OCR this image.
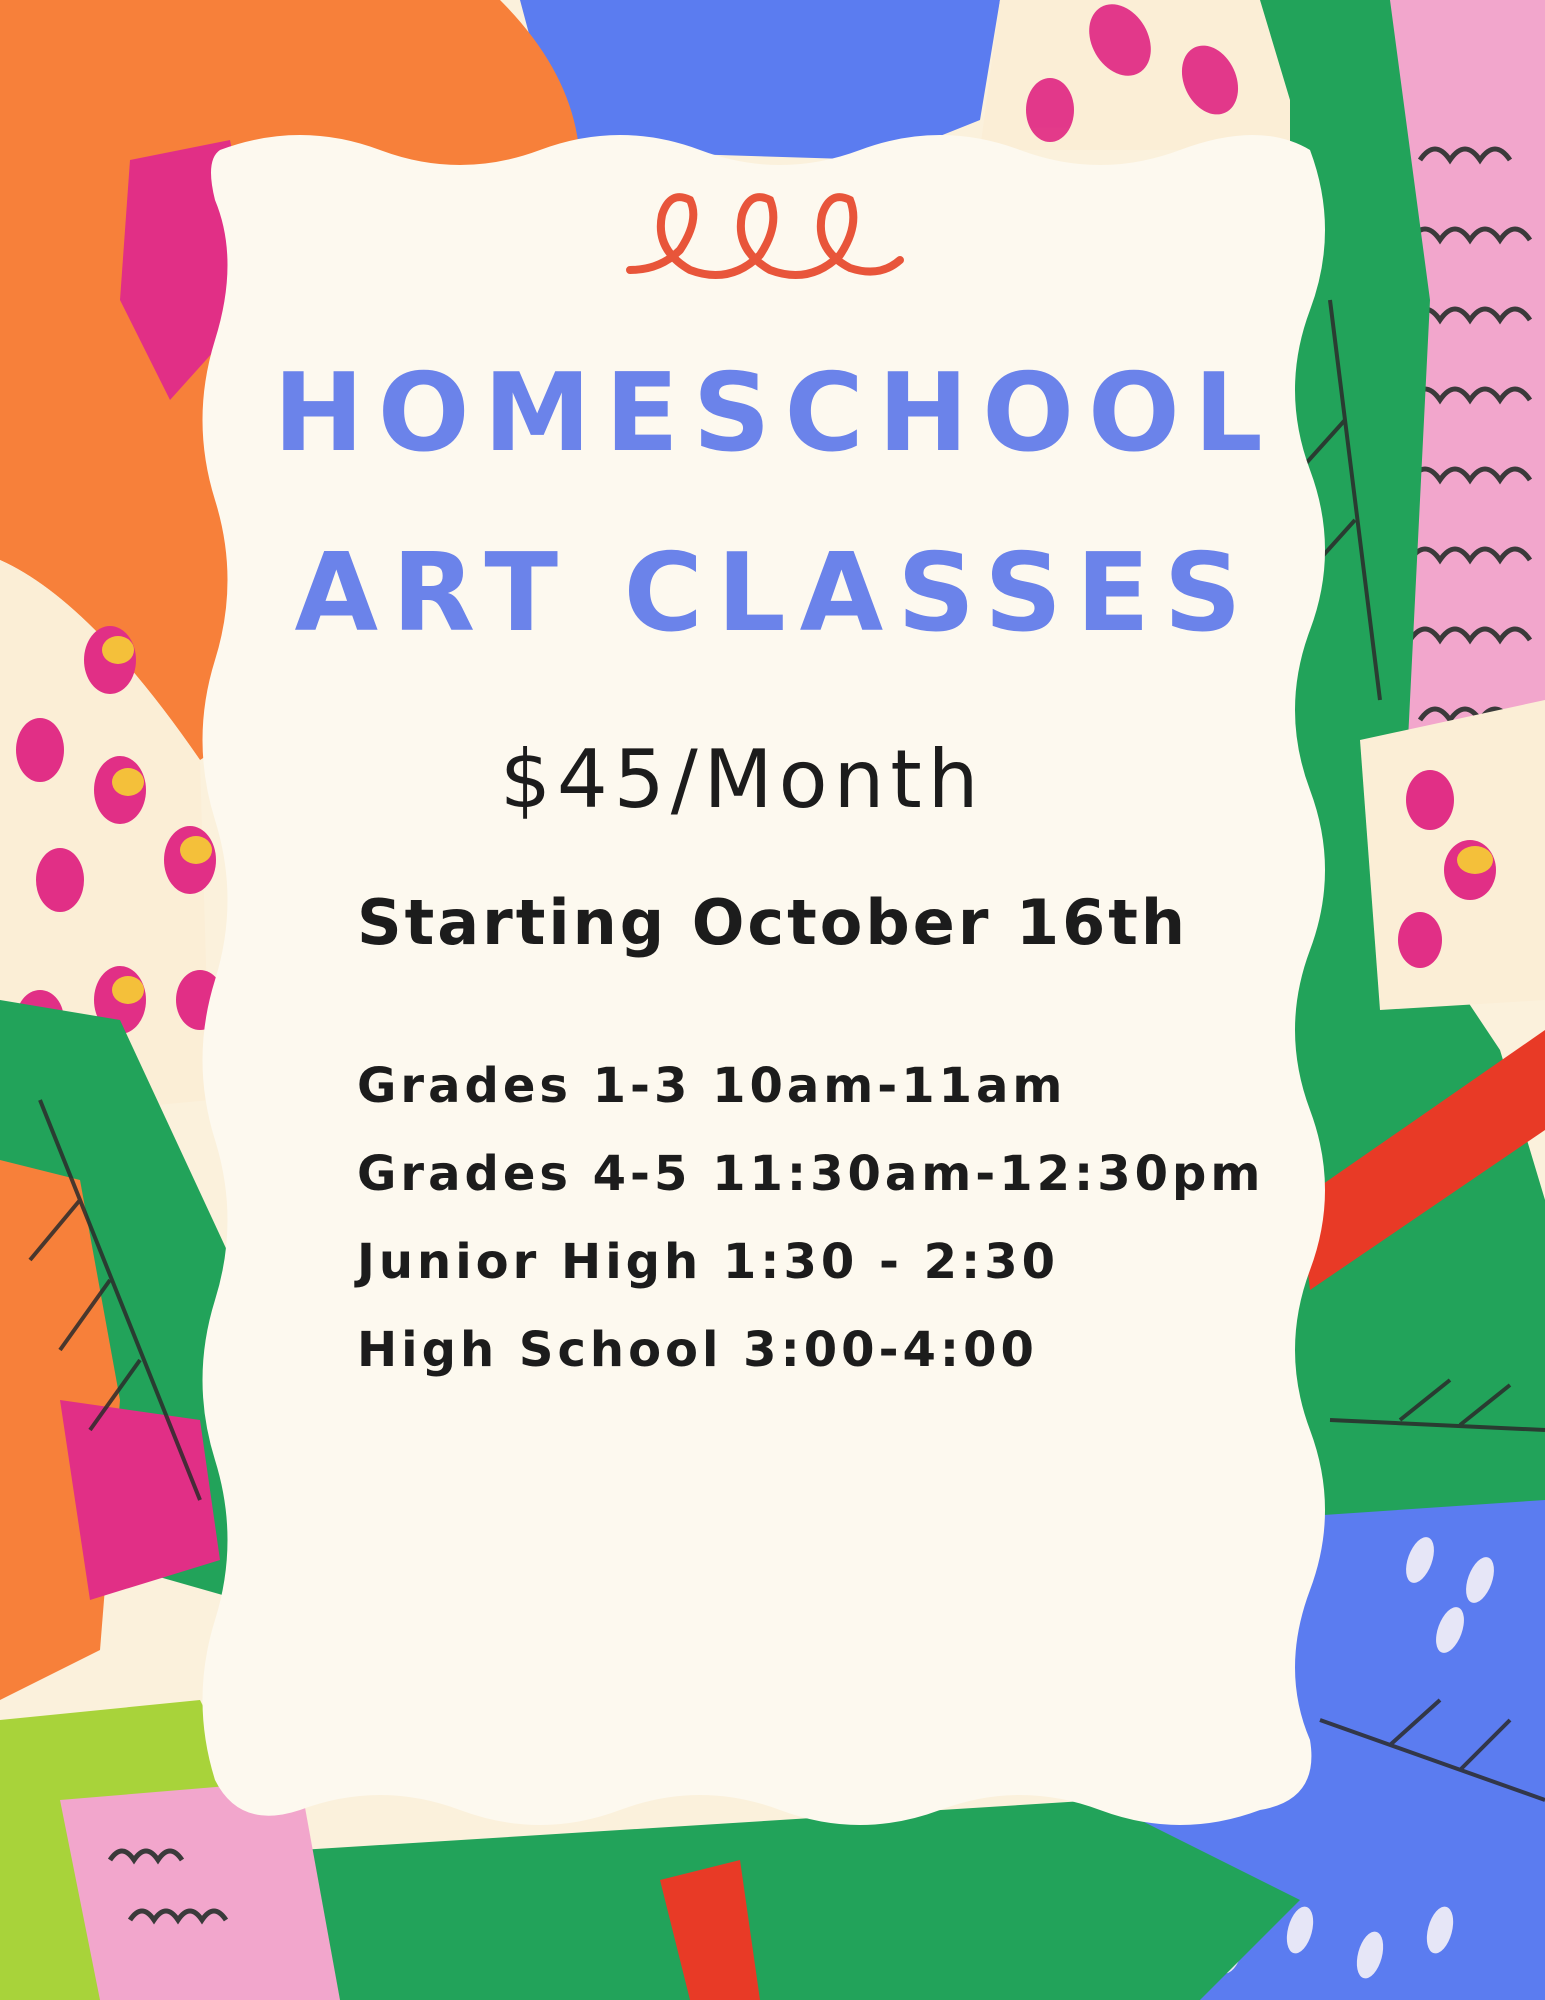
HOMESCHOOL
ART CLASSES
$45/Month
Starting October 16th
Grades 1-3 10am-11am
Grades 4-5 11:30am-12:30pm
Junior High 1:30 - 2:30
High School 3:00-4:00
